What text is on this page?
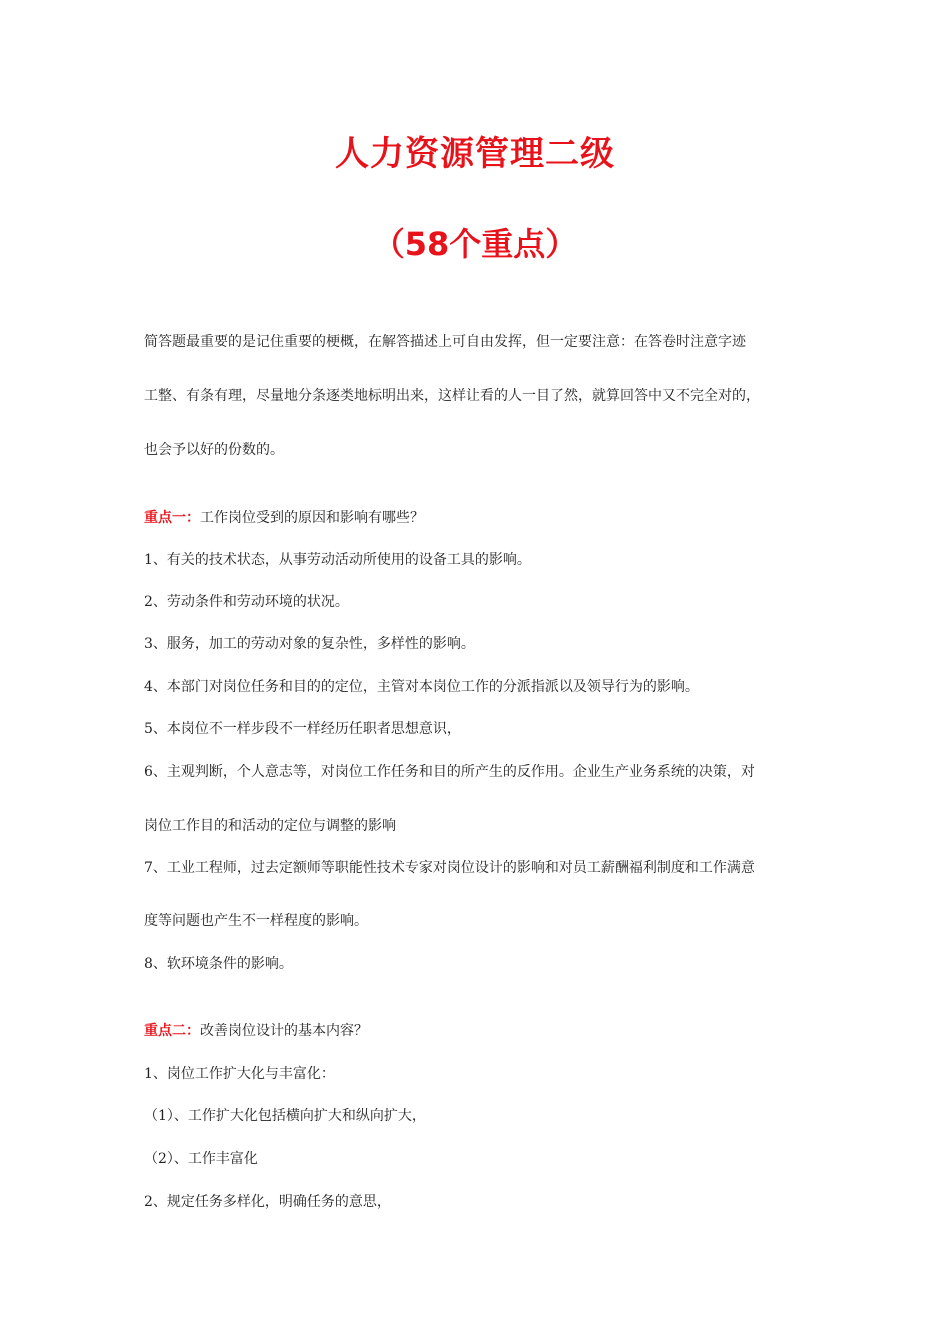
人力资源管理二级
（58个重点）
简答题最重要的是记住重要的梗概，在解答描述上可自由发挥，但一定要注意：在答卷时注意字迹
工整、有条有理，尽量地分条逐类地标明出来，这样让看的人一目了然，就算回答中又不完全对的，
也会予以好的份数的。
重点一：工作岗位受到的原因和影响有哪些？
1、有关的技术状态，从事劳动活动所使用的设备工具的影响。
2、劳动条件和劳动环境的状况。
3、服务，加工的劳动对象的复杂性，多样性的影响。
4、本部门对岗位任务和目的的定位，主管对本岗位工作的分派指派以及领导行为的影响。
5、本岗位不一样步段不一样经历任职者思想意识，
6、主观判断，个人意志等，对岗位工作任务和目的所产生的反作用。企业生产业务系统的决策，对
岗位工作目的和活动的定位与调整的影响
7、工业工程师，过去定额师等职能性技术专家对岗位设计的影响和对员工薪酬福利制度和工作满意
度等问题也产生不一样程度的影响。
8、软环境条件的影响。
重点二：改善岗位设计的基本内容？
1、岗位工作扩大化与丰富化：
（1）、工作扩大化包括横向扩大和纵向扩大，
（2）、工作丰富化
2、规定任务多样化，明确任务的意思，
